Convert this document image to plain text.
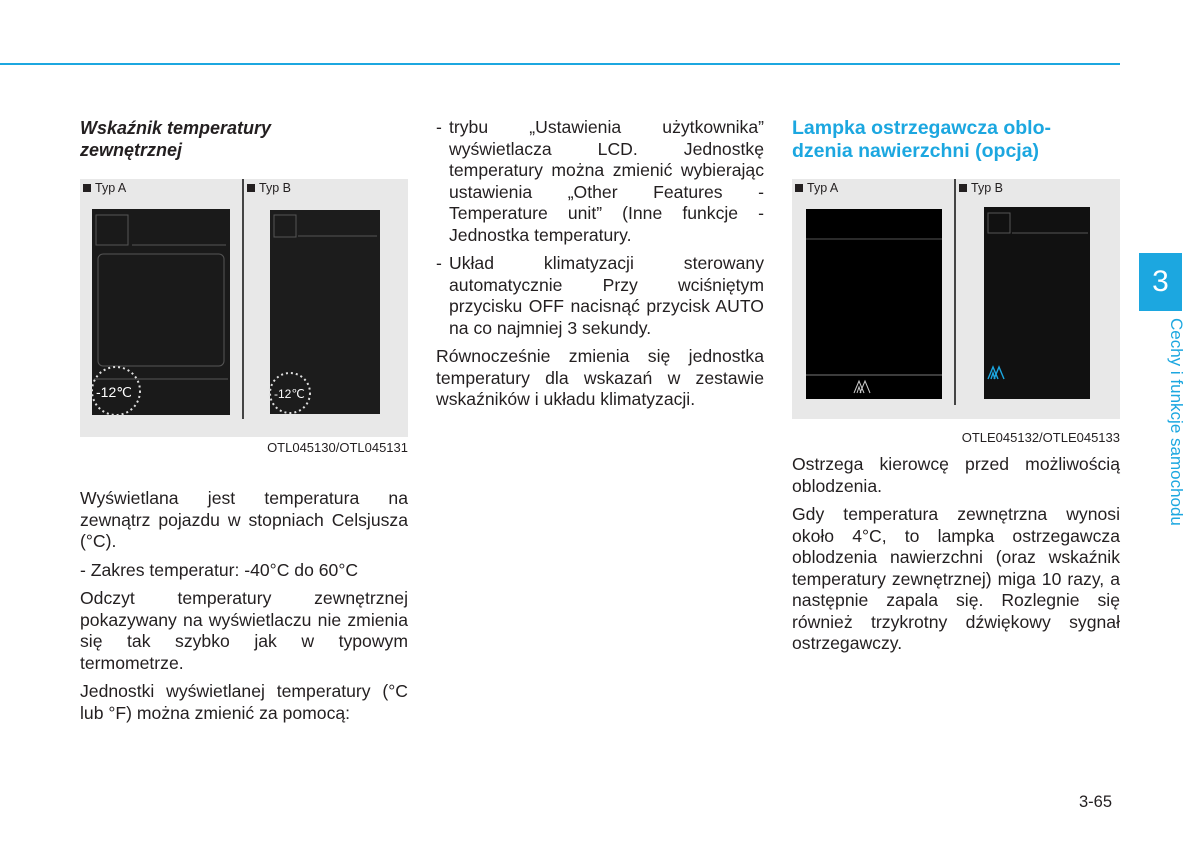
Wskaźnik temperatury
zewnętrznej
Typ A	Typ B
-12℃	-12℃
OTL045130/OTL045131

Wyświetlana jest temperatura na zewnątrz pojazdu w stopniach Celsjusza (°C).

- Zakres temperatur: -40°C do 60°C

Odczyt temperatury zewnętrznej pokazywany na wyświetlaczu nie zmienia się tak szybko jak w typowym termometrze.

Jednostki wyświetlanej temperatury (°C lub °F) można zmienić za pomocą:

- trybu „Ustawienia użytkownika” wyświetlacza LCD. Jednostkę temperatury można zmienić wybierając ustawienia „Other Features - Temperature unit” (Inne funkcje - Jednostka temperatury.
- Układ klimatyzacji sterowany automatycznie Przy wciśniętym przycisku OFF nacisnąć przycisk AUTO na co najmniej 3 sekundy.

Równocześnie zmienia się jednostka temperatury dla wskazań w zestawie wskaźników i układu klimatyzacji.

Lampka ostrzegawcza oblo-
dzenia nawierzchni (opcja)
Typ A	Typ B
OTLE045132/OTLE045133

Ostrzega kierowcę przed możliwością oblodzenia.

Gdy temperatura zewnętrzna wynosi około 4°C, to lampka ostrzegawcza oblodzenia nawierzchni (oraz wskaźnik temperatury zewnętrznej) miga 10 razy, a następnie zapala się. Rozlegnie się również trzykrotny dźwiękowy sygnał ostrzegawczy.

3
Cechy i funkcje samochodu
3-65
